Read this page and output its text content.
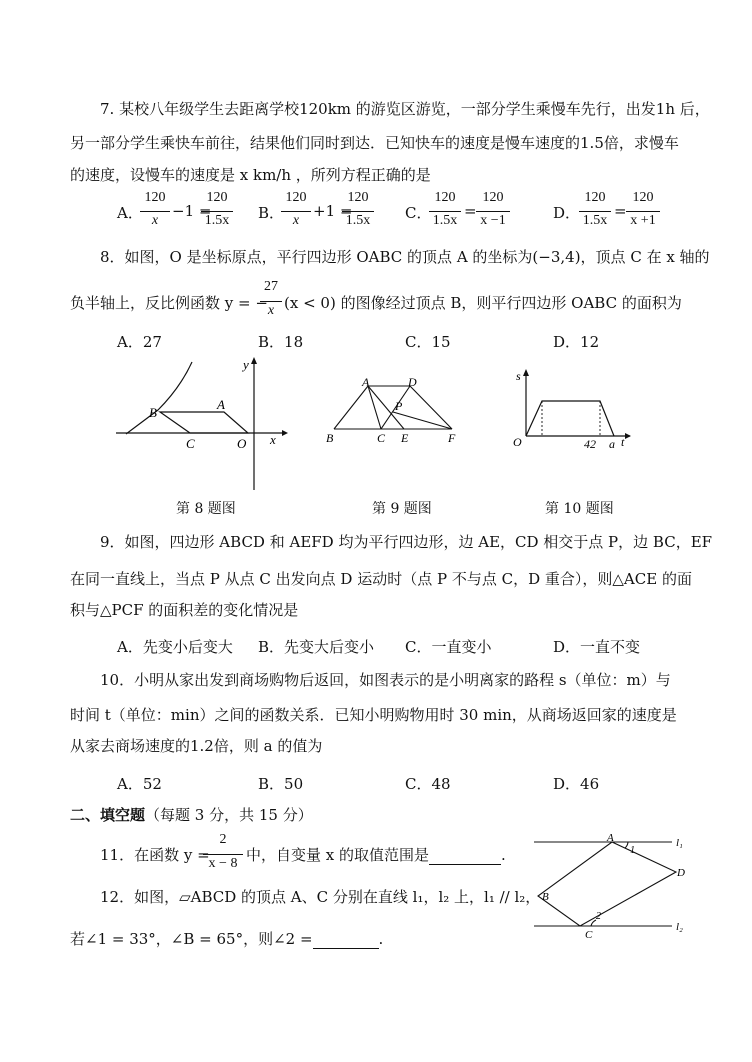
7. 某校八年级学生去距离学校120km 的游览区游览，一部分学生乘慢车先行，出发1h 后，
另一部分学生乘快车前往，结果他们同时到达．已知快车的速度是慢车速度的1.5倍，求慢车
的速度，设慢车的速度是 x km/h ，所列方程正确的是
A．
120
x
−1 =
120
1.5x B．
120
x
+1 =
120
1.5x C．
120
1.5x
=
120
x −1	D．
120
1.5x
=
120
x +1
8．如图，O 是坐标原点，平行四边形 OABC 的顶点 A 的坐标为(−3,4)，顶点 C 在 x 轴的
负半轴上，反比例函数 y = −
27
x (x < 0) 的图像经过顶点 B，则平行四边形 OABC 的面积为
A．27	B．18	C．15	D．12
B
A
C	O x
y
第 8 题图
A	D
P
B	C E	F
第 9 题图
s
O	42 a t
第 10 题图
9．如图，四边形 ABCD 和 AEFD 均为平行四边形，边 AE，CD 相交于点 P，边 BC，EF
在同一直线上，当点 P 从点 C 出发向点 D 运动时（点 P 不与点 C，D 重合），则△ACE 的面
积与△PCF 的面积差的变化情况是
A．先变小后变大 B．先变大后变小 C．一直变小	D．一直不变
10．小明从家出发到商场购物后返回，如图表示的是小明离家的路程 s（单位：m）与
时间 t（单位：min）之间的函数关系．已知小明购物用时 30 min，从商场返回家的速度是
从家去商场速度的1.2倍，则 a 的值为
A．52	B．50	C．48	D．46
二、填空题（每题 3 分，共 15 分）
11．在函数 y =
2
x − 8 中，自变量 x 的取值范围是	.
12．如图，▱ABCD 的顶点 A、C 分别在直线 l₁，l₂ 上，l₁ // l₂，
若∠1 = 33°，∠B = 65°，则∠2 =	.
A	l₁
1
D
B
2
C
l₂
